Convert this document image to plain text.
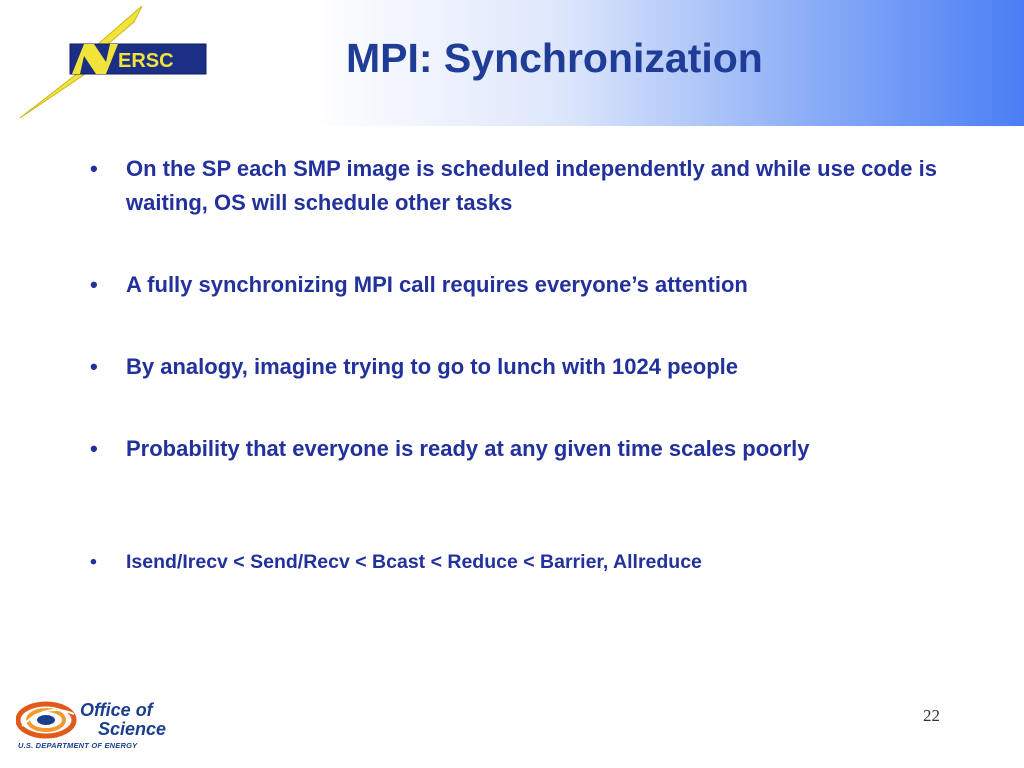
ERSC	MPI: Synchronization
•	On the SP each SMP image is scheduled independently and while use code is waiting, OS will schedule other tasks
•	A fully synchronizing MPI call requires everyone’s attention
•	By analogy, imagine trying to go to lunch with 1024 people
•	Probability that everyone is ready at any given time scales poorly
•	Isend/Irecv < Send/Recv < Bcast < Reduce < Barrier, Allreduce
Office of
Science
U.S. DEPARTMENT OF ENERGY
22
